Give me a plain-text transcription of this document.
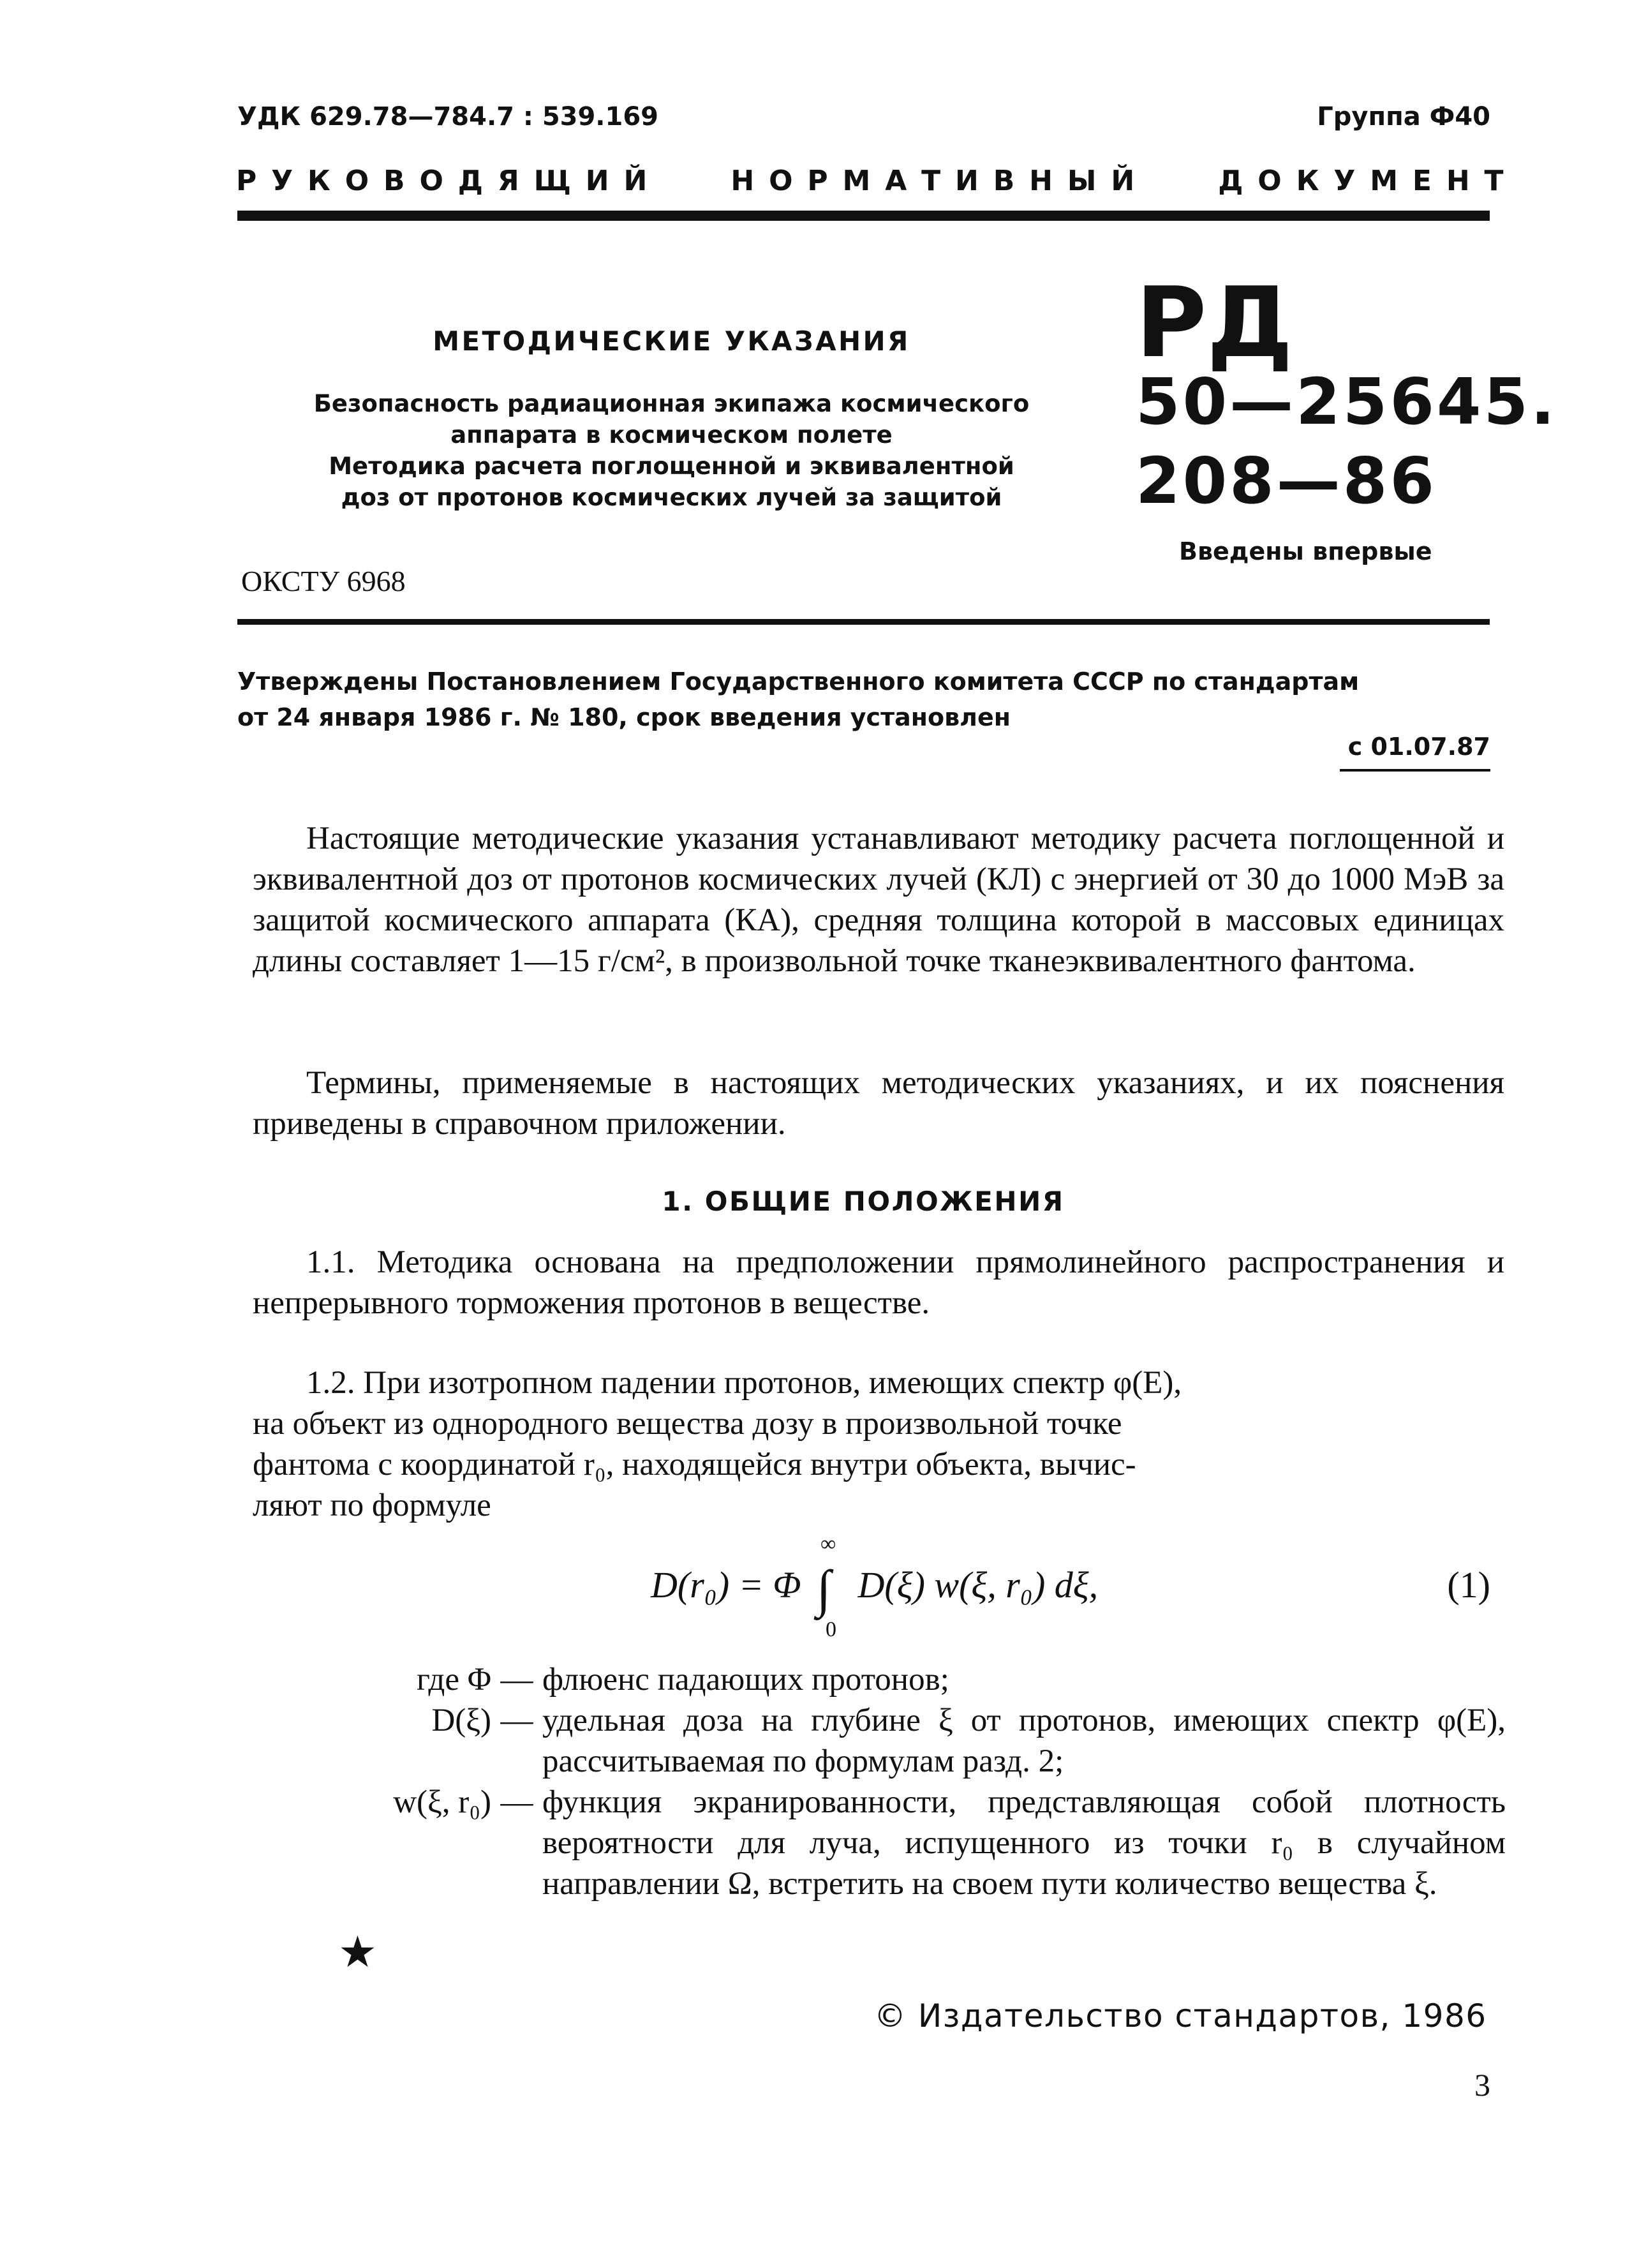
УДК 629.78—784.7 : 539.169	Группа Ф40
РУКОВОДЯЩИЙ НОРМАТИВНЫЙ ДОКУМЕНТ
МЕТОДИЧЕСКИЕ УКАЗАНИЯ
Безопасность радиационная экипажа космического
аппарата в космическом полете
Методика расчета поглощенной и эквивалентной
доз от протонов космических лучей за защитой
РД
50—25645.
208—86
Введены впервые
ОКСТУ 6968
Утверждены Постановлением Государственного комитета СССР по стандартам
от 24 января 1986 г. № 180, срок введения установлен
с 01.07.87

Настоящие методические указания устанавливают методику расчета поглощенной и эквивалентной доз от протонов космических лучей (КЛ) с энергией от 30 до 1000 МэВ за защитой космического аппарата (КА), средняя толщина которой в массовых единицах длины составляет 1—15 г/см², в произвольной точке тканеэквивалентного фантома.

Термины, применяемые в настоящих методических указаниях, и их пояснения приведены в справочном приложении.

1. ОБЩИЕ ПОЛОЖЕНИЯ

1.1. Методика основана на предположении прямолинейного распространения и непрерывного торможения протонов в веществе.

1.2. При изотропном падении протонов, имеющих спектр φ(E),

на объект из однородного вещества дозу в произвольной точке

фантома с координатой r₀, находящейся внутри объекта, вычис-

ляют по формуле

D(r₀) = Φ ∫
∞
0
D(ξ) w(ξ, r₀) dξ,	(1)
где Φ — флюенс падающих протонов;
D(ξ) — удельная доза на глубине ξ от протонов, имеющих спектр φ(E), рассчитываемая по формулам разд. 2;
w(ξ, r₀) — функция экранированности, представляющая собой плотность вероятности для луча, испущенного из точки r₀ в случайном направлении Ω, встретить на своем пути количество вещества ξ.
★
© Издательство стандартов, 1986
3
